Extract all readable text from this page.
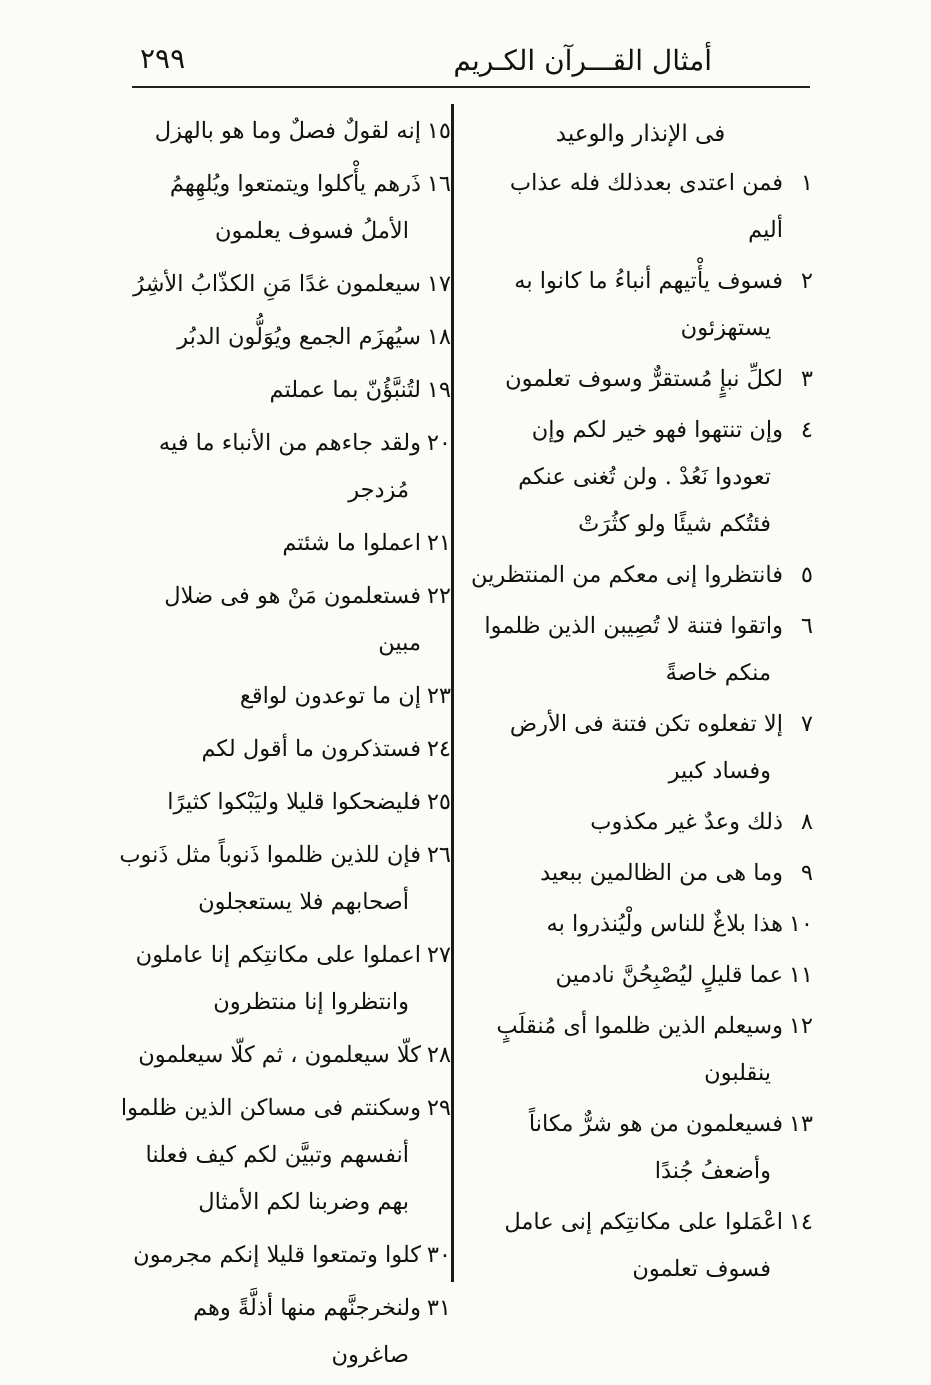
أمثال القـــرآن الكـريم
٢٩٩
فى الإنذار والوعيد
١
فمن اعتدى بعدذلك فله عذاب أليم
٢
فسوف يأْتيهم أنباءُ ما كانوا به
يستهزئون
٣
لكلِّ نبإٍ مُستقرٌّ وسوف تعلمون
٤
وإن تنتهوا فهو خير لكم وإن
تعودوا نَعُدْ . ولن تُغنى عنكم
فئتُكم شيئًا ولو كثُرَتْ
٥
فانتظروا إنى معكم من المنتظرين
٦
واتقوا فتنة لا تُصِيبن الذين ظلموا
منكم خاصةً
٧
إلا تفعلوه تكن فتنة فى الأرض
وفساد كبير
٨
ذلك وعدٌ غير مكذوب
٩
وما هى من الظالمين ببعيد
١٠
هذا بلاغٌ للناس ولْيُنذروا به
١١
عما قليلٍ ليُصْبِحُنَّ نادمين
١٢
وسيعلم الذين ظلموا أى مُنقلَبٍ
ينقلبون
١٣
فسيعلمون من هو شرٌّ مكاناً
وأضعفُ جُندًا
١٤
اعْمَلوا على مكانتِكم إنى عامل
فسوف تعلمون
١٥
إنه لقولٌ فصلٌ وما هو بالهزل
١٦
ذَرهم يأْكلوا ويتمتعوا ويُلهِهمُ
الأملُ فسوف يعلمون
١٧
سيعلمون غدًا مَنِ الكذّابُ الأشِرُ
١٨
سيُهزَم الجمع ويُوَلُّون الدبُر
١٩
لتُنبَّؤُنّ بما عملتم
٢٠
ولقد جاءهم من الأنباء ما فيه
مُزدجر
٢١
اعملوا ما شئتم
٢٢
فستعلمون مَنْ هو فى ضلال مبين
٢٣
إن ما توعدون لواقع
٢٤
فستذكرون ما أقول لكم
٢٥
فليضحكوا قليلا وليَبْكوا كثيرًا
٢٦
فإن للذين ظلموا ذَنوباً مثل ذَنوب
أصحابهم فلا يستعجلون
٢٧
اعملوا على مكانتِكم إنا عاملون
وانتظروا إنا منتظرون
٢٨
كلّا سيعلمون ، ثم كلّا سيعلمون
٢٩
وسكنتم فى مساكن الذين ظلموا
أنفسهم وتبيَّن لكم كيف فعلنا
بهم وضربنا لكم الأمثال
٣٠
كلوا وتمتعوا قليلا إنكم مجرمون
٣١
ولنخرجنَّهم منها أذلَّةً وهم
صاغرون
